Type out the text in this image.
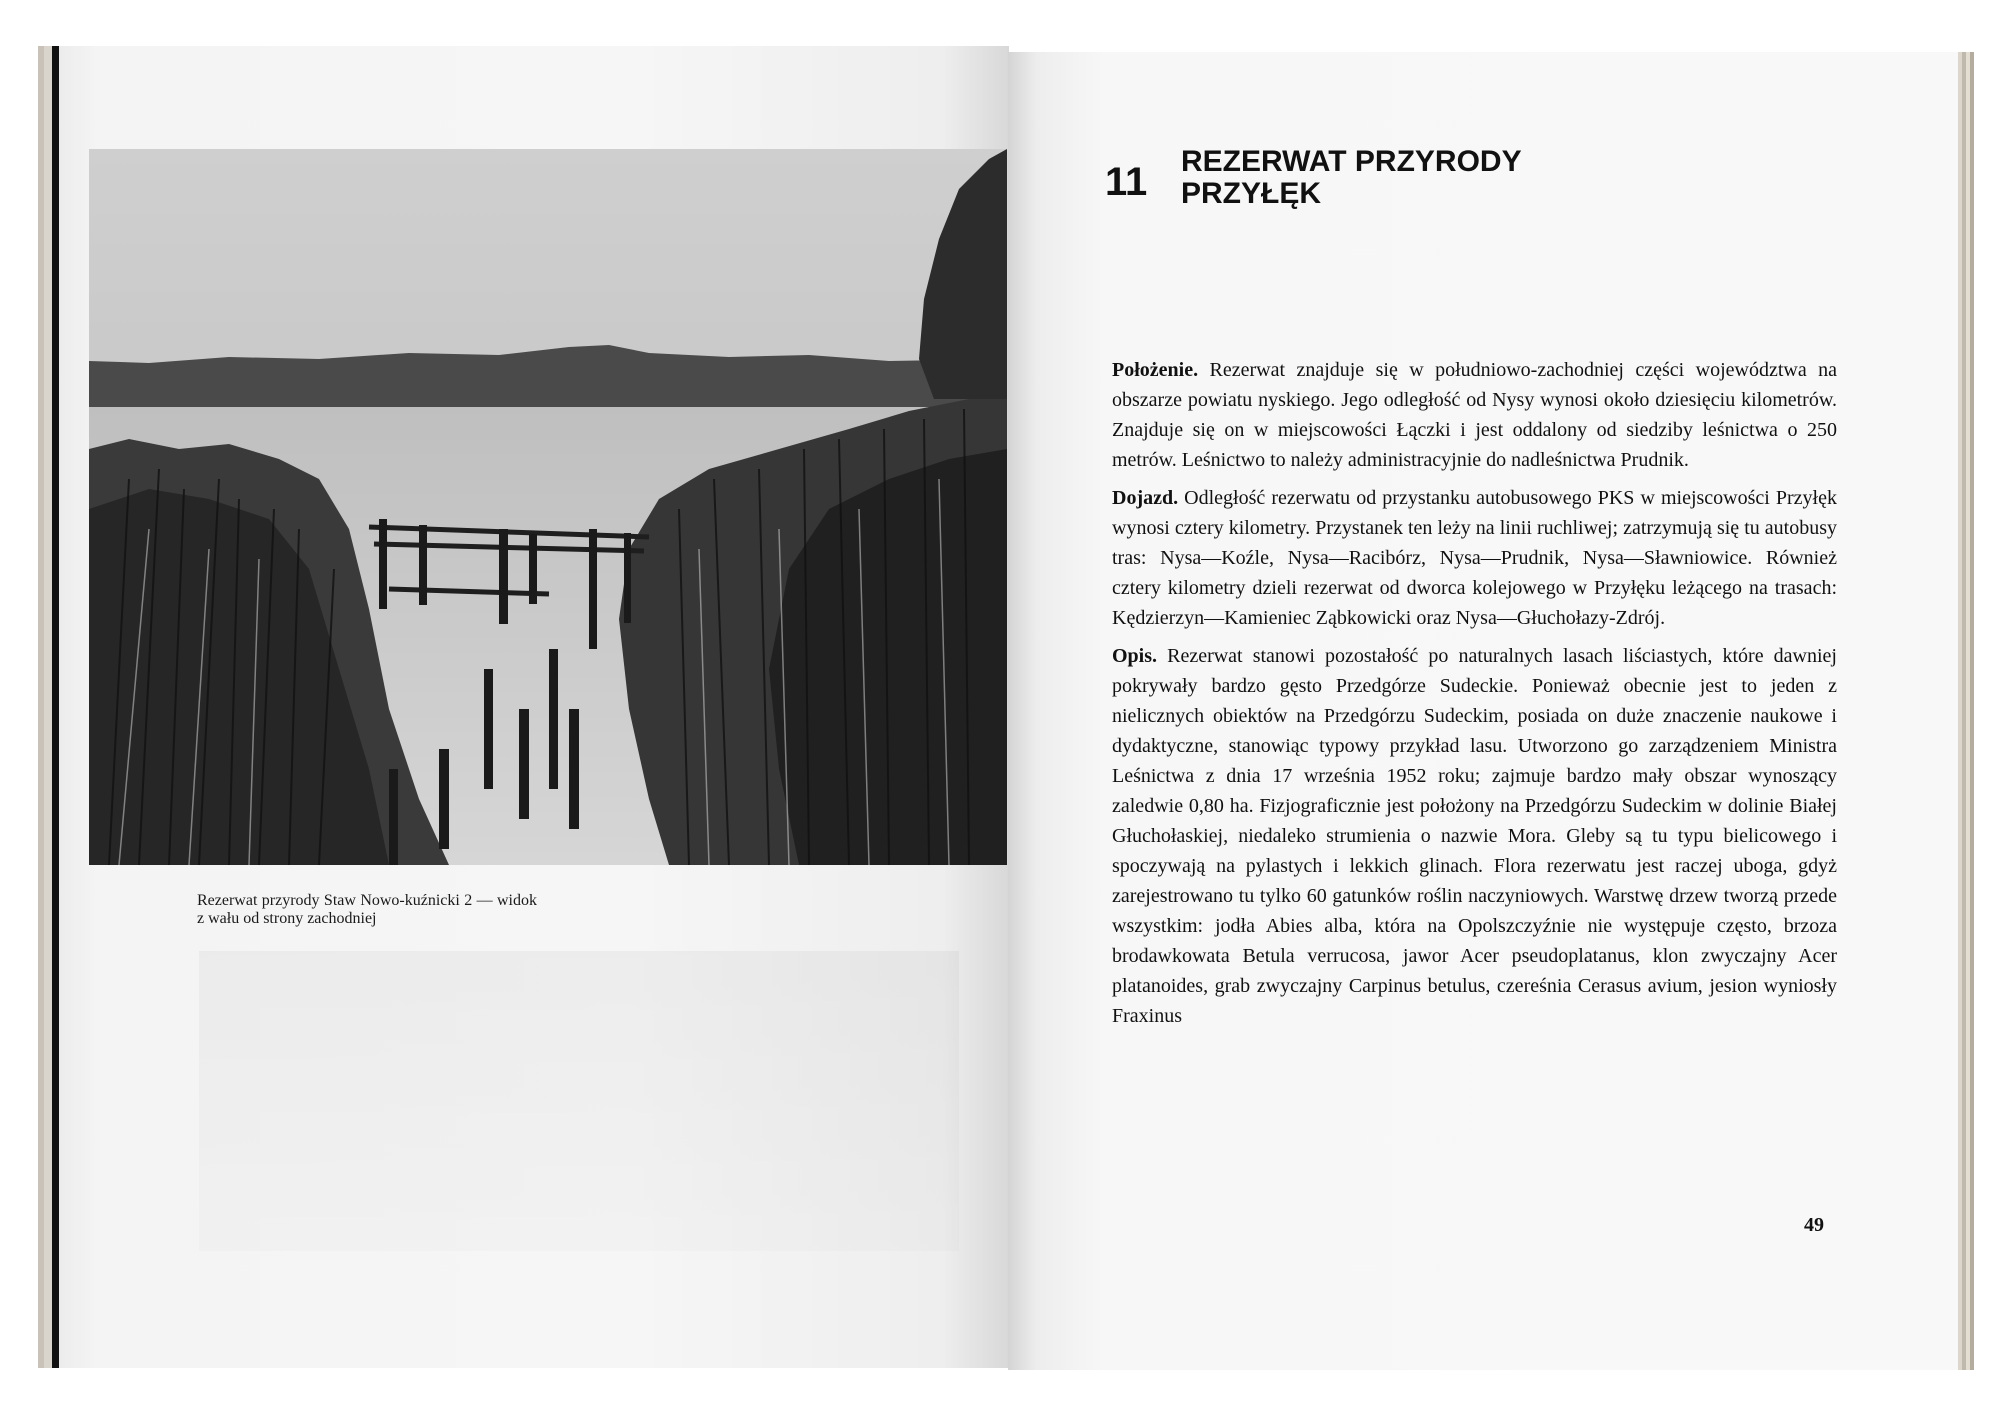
Rezerwat przyrody Staw Nowo-kuźnicki 2 — widok z wału od strony zachodniej

11 REZERWAT PRZYRODY
PRZYŁĘK

Położenie. Rezerwat znajduje się w południowo-zachodniej części województwa na obszarze powiatu nyskiego. Jego odległość od Nysy wynosi około dziesięciu kilometrów. Znajduje się on w miejscowości Łączki i jest oddalony od siedziby leśnictwa o 250 metrów. Leśnictwo to należy administracyjnie do nadleśnictwa Prudnik.

Dojazd. Odległość rezerwatu od przystanku autobusowego PKS w miejscowości Przyłęk wynosi cztery kilometry. Przystanek ten leży na linii ruchliwej; zatrzymują się tu autobusy tras: Nysa—Koźle, Nysa—Racibórz, Nysa—Prudnik, Nysa—Sławniowice. Również cztery kilometry dzieli rezerwat od dworca kolejowego w Przyłęku leżącego na trasach: Kędzierzyn—Kamieniec Ząbkowicki oraz Nysa—Głuchołazy-Zdrój.

Opis. Rezerwat stanowi pozostałość po naturalnych lasach liściastych, które dawniej pokrywały bardzo gęsto Przedgórze Sudeckie. Ponieważ obecnie jest to jeden z nielicznych obiektów na Przedgórzu Sudeckim, posiada on duże znaczenie naukowe i dydaktyczne, stanowiąc typowy przykład lasu. Utworzono go zarządzeniem Ministra Leśnictwa z dnia 17 września 1952 roku; zajmuje bardzo mały obszar wynoszący zaledwie 0,80 ha. Fizjograficznie jest położony na Przedgórzu Sudeckim w dolinie Białej Głuchołaskiej, niedaleko strumienia o nazwie Mora. Gleby są tu typu bielicowego i spoczywają na pylastych i lekkich glinach. Flora rezerwatu jest raczej uboga, gdyż zarejestrowano tu tylko 60 gatunków roślin naczyniowych. Warstwę drzew tworzą przede wszystkim: jodła Abies alba, która na Opolszczyźnie nie występuje często, brzoza brodawkowata Betula verrucosa, jawor Acer pseudoplatanus, klon zwyczajny Acer platanoides, grab zwyczajny Carpinus betulus, czereśnia Cerasus avium, jesion wyniosły Fraxinus

49
